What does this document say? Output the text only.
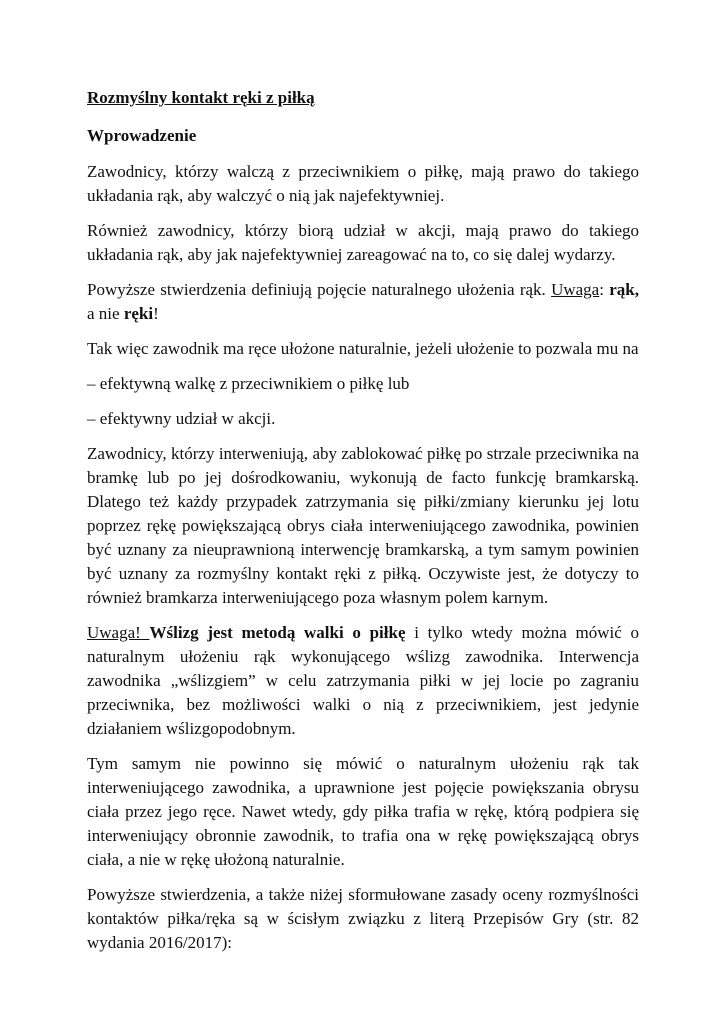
Rozmyślny kontakt ręki z piłką
Wprowadzenie

Zawodnicy, którzy walczą z przeciwnikiem o piłkę, mają prawo do takiego układania rąk, aby walczyć o nią jak najefektywniej.

Również zawodnicy, którzy biorą udział w akcji, mają prawo do takiego układania rąk, aby jak najefektywniej zareagować na to, co się dalej wydarzy.

Powyższe stwierdzenia definiują pojęcie naturalnego ułożenia rąk. Uwaga: rąk, a nie ręki!

Tak więc zawodnik ma ręce ułożone naturalnie, jeżeli ułożenie to pozwala mu na

– efektywną walkę z przeciwnikiem o piłkę lub

– efektywny udział w akcji.

Zawodnicy, którzy interweniują, aby zablokować piłkę po strzale przeciwnika na bramkę lub po jej dośrodkowaniu, wykonują de facto funkcję bramkarską. Dlatego też każdy przypadek zatrzymania się piłki/zmiany kierunku jej lotu poprzez rękę powiększającą obrys ciała interweniującego zawodnika, powinien być uznany za nieuprawnioną interwencję bramkarską, a tym samym powinien być uznany za rozmyślny kontakt ręki z piłką. Oczywiste jest, że dotyczy to również bramkarza interweniującego poza własnym polem karnym.

Uwaga! Wślizg jest metodą walki o piłkę i tylko wtedy można mówić o naturalnym ułożeniu rąk wykonującego wślizg zawodnika. Interwencja zawodnika „wślizgiem” w celu zatrzymania piłki w jej locie po zagraniu przeciwnika, bez możliwości walki o nią z przeciwnikiem, jest jedynie działaniem wślizgopodobnym.

Tym samym nie powinno się mówić o naturalnym ułożeniu rąk tak interweniującego zawodnika, a uprawnione jest pojęcie powiększania obrysu ciała przez jego ręce. Nawet wtedy, gdy piłka trafia w rękę, którą podpiera się interweniujący obronnie zawodnik, to trafia ona w rękę powiększającą obrys ciała, a nie w rękę ułożoną naturalnie.

Powyższe stwierdzenia, a także niżej sformułowane zasady oceny rozmyślności kontaktów piłka/ręka są w ścisłym związku z literą Przepisów Gry (str. 82 wydania 2016/2017):
